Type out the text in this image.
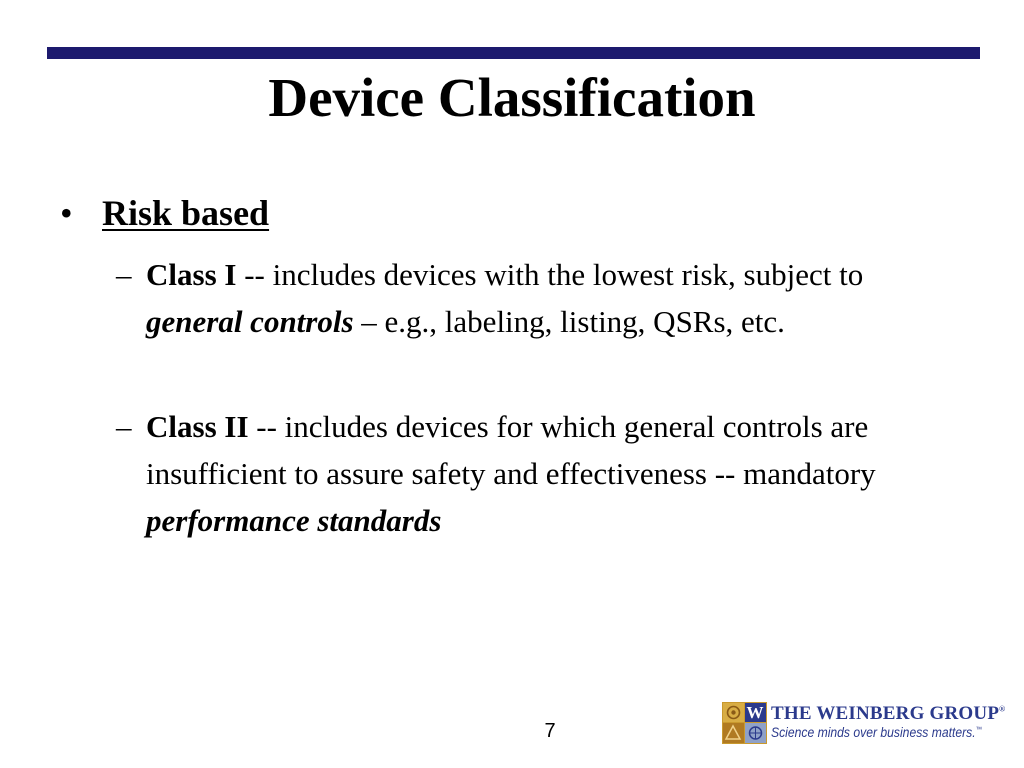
Device Classification
• Risk based
– Class I -- includes devices with the lowest risk, subject to general controls – e.g., labeling, listing, QSRs, etc.
– Class II -- includes devices for which general controls are insufficient to assure safety and effectiveness -- mandatory performance standards
7
W THE WEINBERG GROUP®
Science minds over business matters.™
